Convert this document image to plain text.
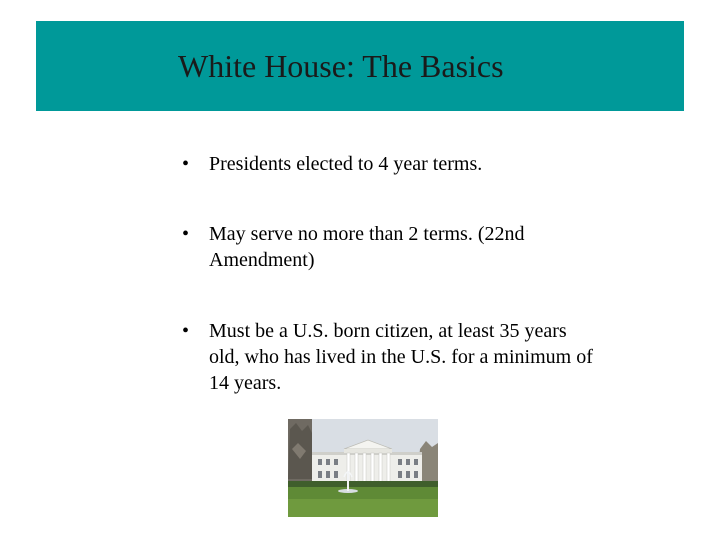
White House: The Basics
• Presidents elected to 4 year terms.
• May serve no more than 2 terms. (22nd Amendment)
• Must be a U.S. born citizen, at least 35 years old, who has lived in the U.S. for a minimum of 14 years.
